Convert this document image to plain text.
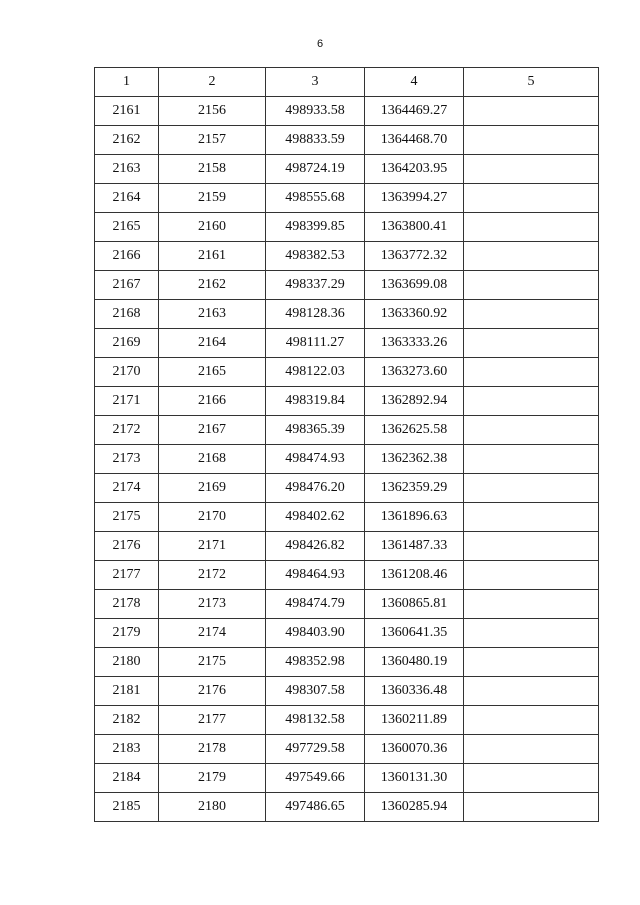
6
1	2	3	4	5
2161	2156	498933.58	1364469.27	
2162	2157	498833.59	1364468.70	
2163	2158	498724.19	1364203.95	
2164	2159	498555.68	1363994.27	
2165	2160	498399.85	1363800.41	
2166	2161	498382.53	1363772.32	
2167	2162	498337.29	1363699.08	
2168	2163	498128.36	1363360.92	
2169	2164	498111.27	1363333.26	
2170	2165	498122.03	1363273.60	
2171	2166	498319.84	1362892.94	
2172	2167	498365.39	1362625.58	
2173	2168	498474.93	1362362.38	
2174	2169	498476.20	1362359.29	
2175	2170	498402.62	1361896.63	
2176	2171	498426.82	1361487.33	
2177	2172	498464.93	1361208.46	
2178	2173	498474.79	1360865.81	
2179	2174	498403.90	1360641.35	
2180	2175	498352.98	1360480.19	
2181	2176	498307.58	1360336.48	
2182	2177	498132.58	1360211.89	
2183	2178	497729.58	1360070.36	
2184	2179	497549.66	1360131.30	
2185	2180	497486.65	1360285.94	
